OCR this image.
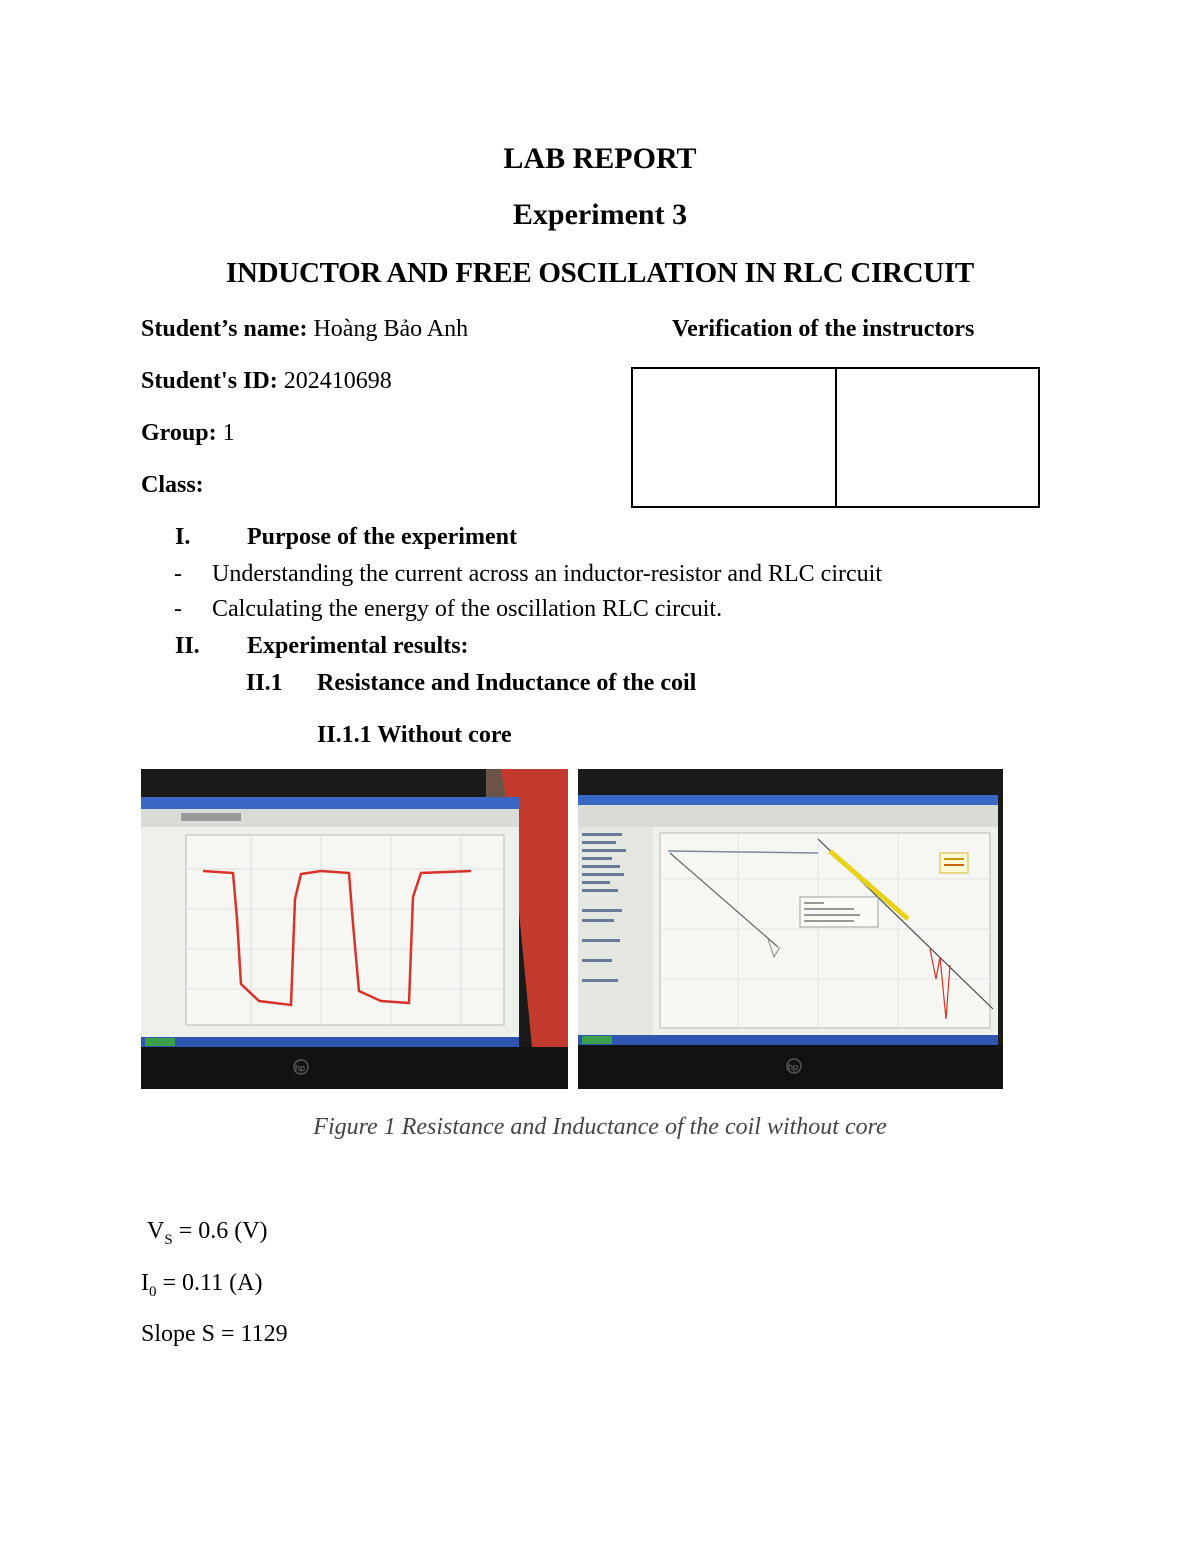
LAB REPORT
Experiment 3
INDUCTOR AND FREE OSCILLATION IN RLC CIRCUIT
Student’s name: Hoàng Bảo Anh
Student's ID: 202410698
Group: 1
Class:
Verification of the instructors
I. Purpose of the experiment
- Understanding the current across an inductor-resistor and RLC circuit
- Calculating the energy of the oscillation RLC circuit.
II. Experimental results:
II.1 Resistance and Inductance of the coil
II.1.1 Without core
hp	hp
Figure 1 Resistance and Inductance of the coil without core
$V_S = 0.6$ (V)
$I_0 = 0.11$ (A)
Slope S = 1129
